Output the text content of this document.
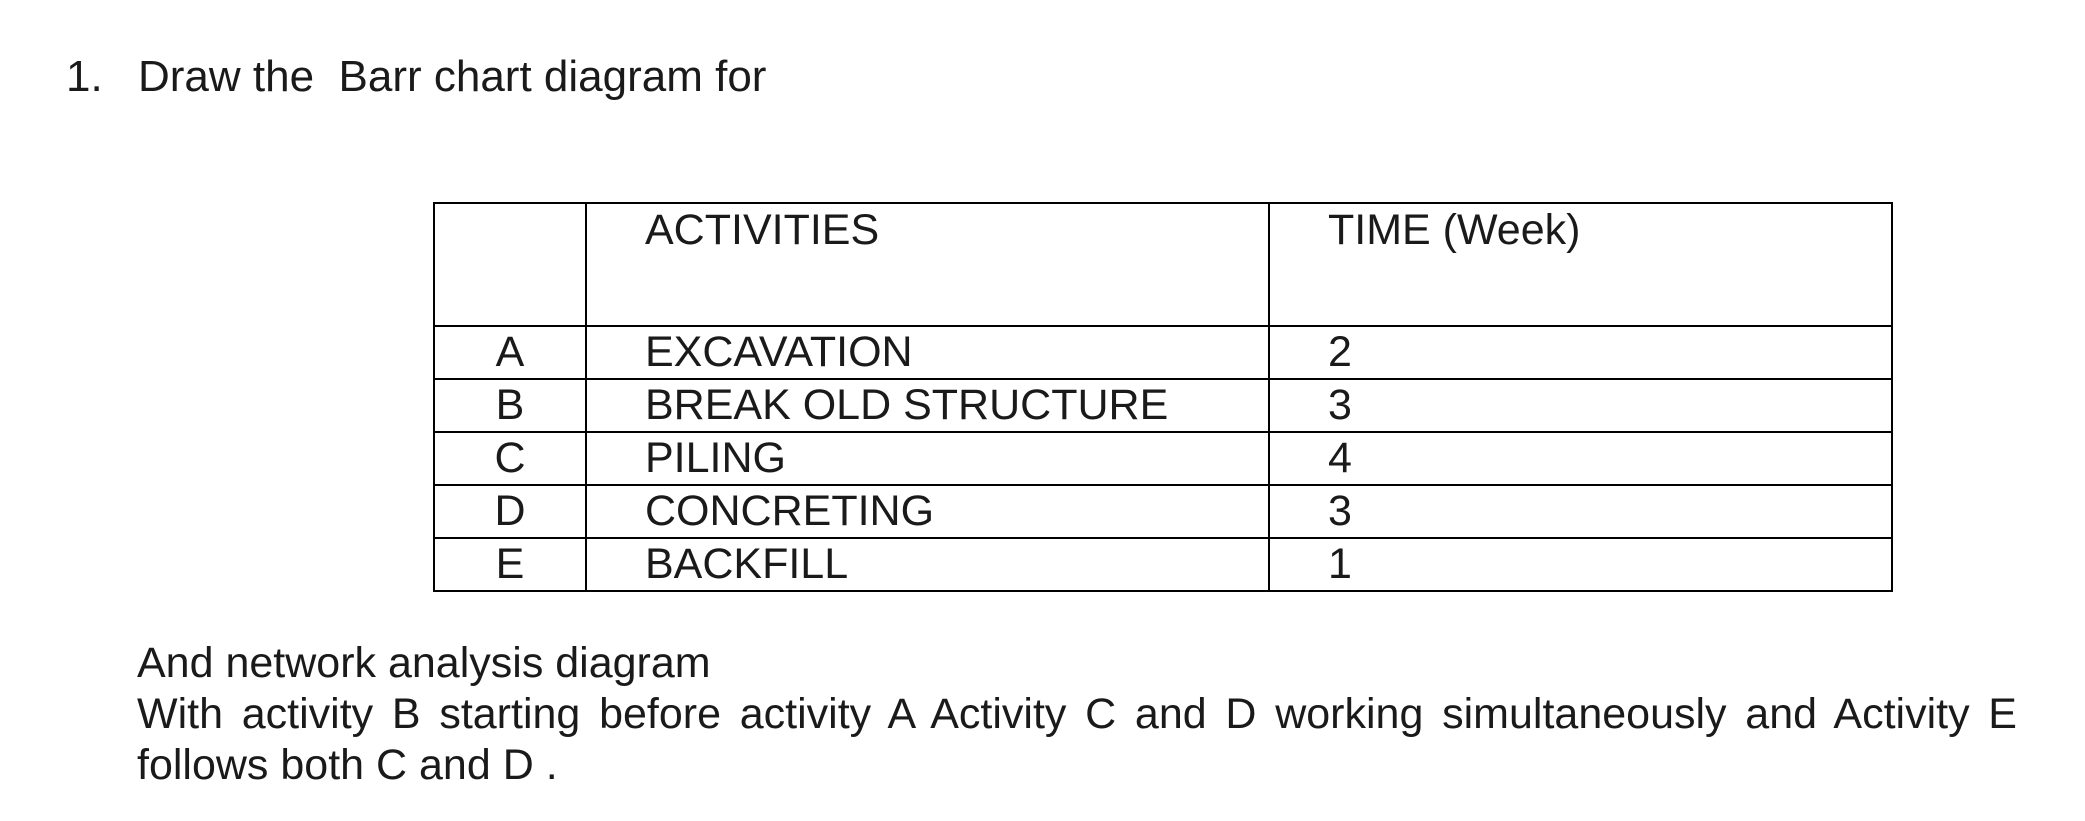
1. Draw the  Barr chart diagram for
	ACTIVITIES	TIME (Week)
A	EXCAVATION	2
B	BREAK OLD STRUCTURE	3
C	PILING	4
D	CONCRETING	3
E	BACKFILL	1

And network analysis diagram

With activity B starting before activity A Activity C and D working simultaneously and Activity E follows both C and D .
